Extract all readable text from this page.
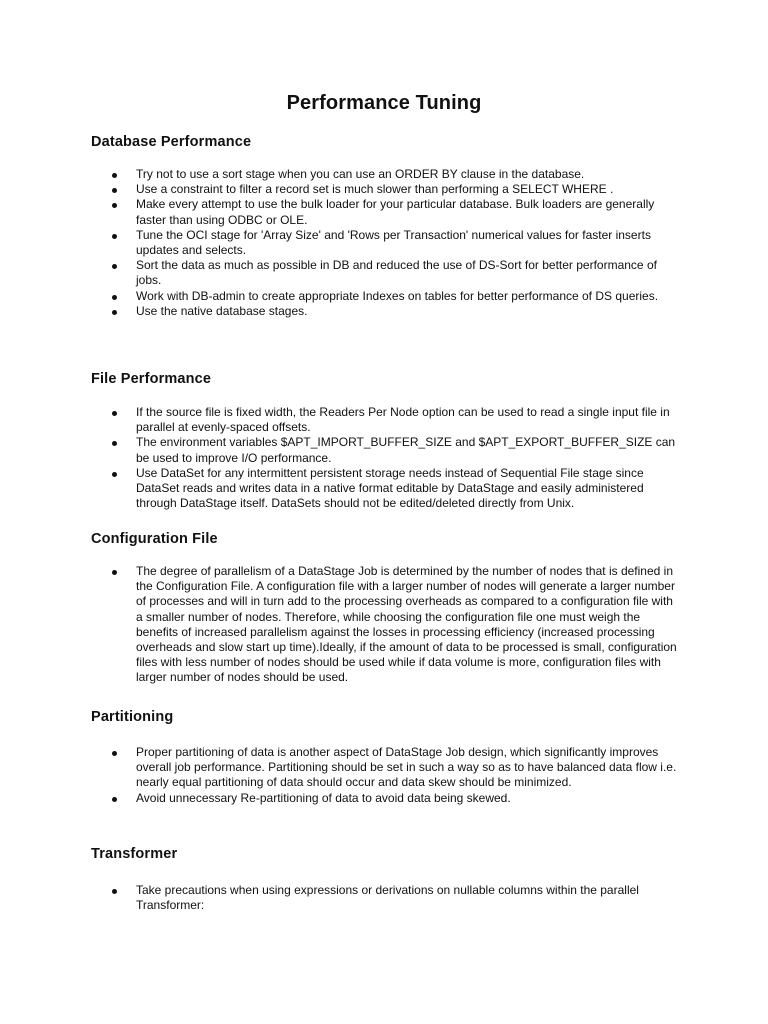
Performance Tuning
Database Performance
Try not to use a sort stage when you can use an ORDER BY clause in the database.
Use a constraint to filter a record set is much slower than performing a SELECT WHERE .
Make every attempt to use the bulk loader for your particular database. Bulk loaders are generally faster than using ODBC or OLE.
Tune the OCI stage for 'Array Size' and 'Rows per Transaction' numerical values for faster inserts updates and selects.
Sort the data as much as possible in DB and reduced the use of DS-Sort for better performance of jobs.
Work with DB-admin to create appropriate Indexes on tables for better performance of DS queries.
Use the native database stages.
File Performance
If the source file is fixed width, the Readers Per Node option can be used to read a single input file in parallel at evenly-spaced offsets.
The environment variables $APT_IMPORT_BUFFER_SIZE and $APT_EXPORT_BUFFER_SIZE can be used to improve I/O performance.
Use DataSet for any intermittent persistent storage needs instead of Sequential File stage since DataSet reads and writes data in a native format editable by DataStage and easily administered through DataStage itself. DataSets should not be edited/deleted directly from Unix.
Configuration File
The degree of parallelism of a DataStage Job is determined by the number of nodes that is defined in the Configuration File. A configuration file with a larger number of nodes will generate a larger number of processes and will in turn add to the processing overheads as compared to a configuration file with a smaller number of nodes. Therefore, while choosing the configuration file one must weigh the benefits of increased parallelism against the losses in processing efficiency (increased processing overheads and slow start up time).Ideally, if the amount of data to be processed is small, configuration files with less number of nodes should be used while if data volume is more, configuration files with larger number of nodes should be used.
Partitioning
Proper partitioning of data is another aspect of DataStage Job design, which significantly improves overall job performance. Partitioning should be set in such a way so as to have balanced data flow i.e. nearly equal partitioning of data should occur and data skew should be minimized.
Avoid unnecessary Re-partitioning of data to avoid data being skewed.
Transformer
Take precautions when using expressions or derivations on nullable columns within the parallel Transformer:
